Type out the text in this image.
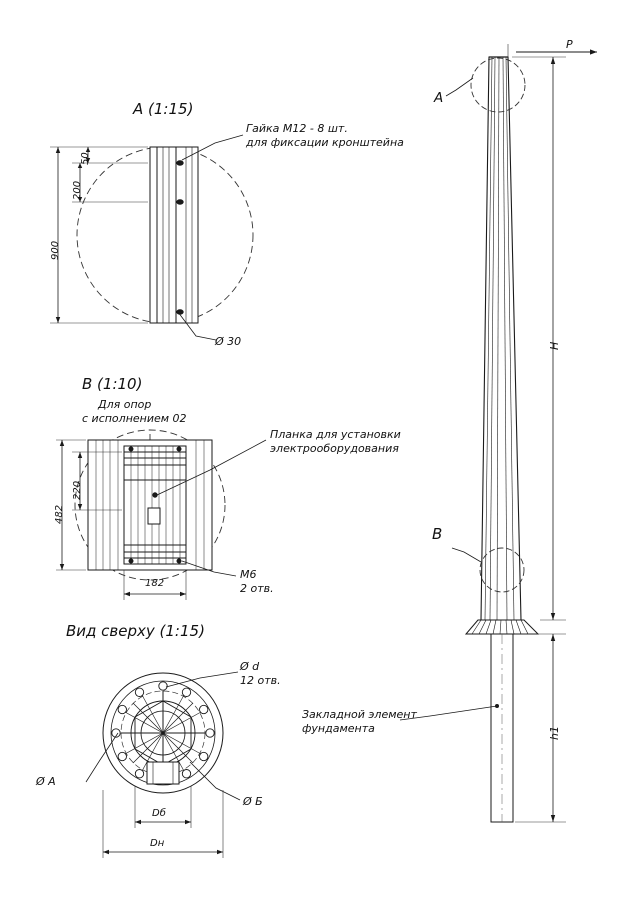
A (1:15)
Гайка М12 - 8 шт.
для фиксации кронштейна
Ø 30
50
200
900
B (1:10)
Для опор
с исполнением 02
Планка для установки
электрооборудования
М6
2 отв.
220
482
182
Вид сверху (1:15)
Ø d
12 отв.
Ø A
Ø Б
Dб
Dн
Закладной элемент
фундамента
A
B
P
H
h1
